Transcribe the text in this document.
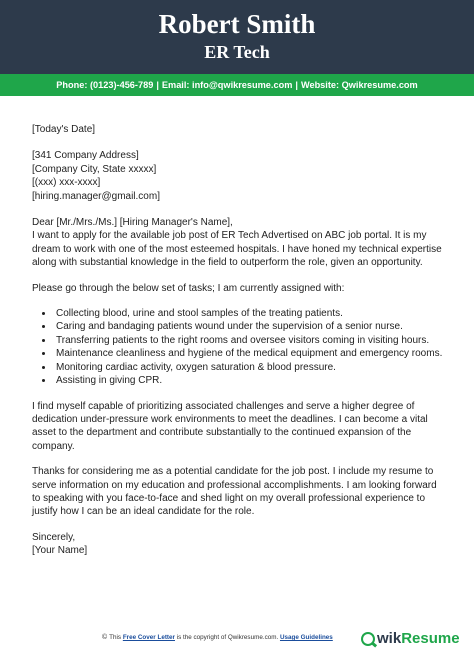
Robert Smith
ER Tech
Phone: (0123)-456-789 | Email: info@qwikresume.com | Website: Qwikresume.com

[Today's Date]

[341 Company Address]

[Company City, State xxxxx]

[(xxx) xxx-xxxx]

[hiring.manager@gmail.com]

Dear [Mr./Mrs./Ms.] [Hiring Manager's Name],

I want to apply for the available job post of ER Tech Advertised on ABC job portal. It is my dream to work with one of the most esteemed hospitals. I have honed my technical expertise along with substantial knowledge in the field to outperform the role, given an opportunity.

Please go through the below set of tasks; I am currently assigned with:

• Collecting blood, urine and stool samples of the treating patients.
• Caring and bandaging patients wound under the supervision of a senior nurse.
• Transferring patients to the right rooms and oversee visitors coming in visiting hours.
• Maintenance cleanliness and hygiene of the medical equipment and emergency rooms.
• Monitoring cardiac activity, oxygen saturation & blood pressure.
• Assisting in giving CPR.

I find myself capable of prioritizing associated challenges and serve a higher degree of dedication under-pressure work environments to meet the deadlines. I can become a vital asset to the department and contribute substantially to the continued expansion of the company.

Thanks for considering me as a potential candidate for the job post. I include my resume to serve information on my education and professional accomplishments. I am looking forward to speaking with you face-to-face and shed light on my overall professional experience to justify how I can be an ideal candidate for the role.

Sincerely,

[Your Name]

© This Free Cover Letter is the copyright of Qwikresume.com. Usage Guidelines	wikResume
